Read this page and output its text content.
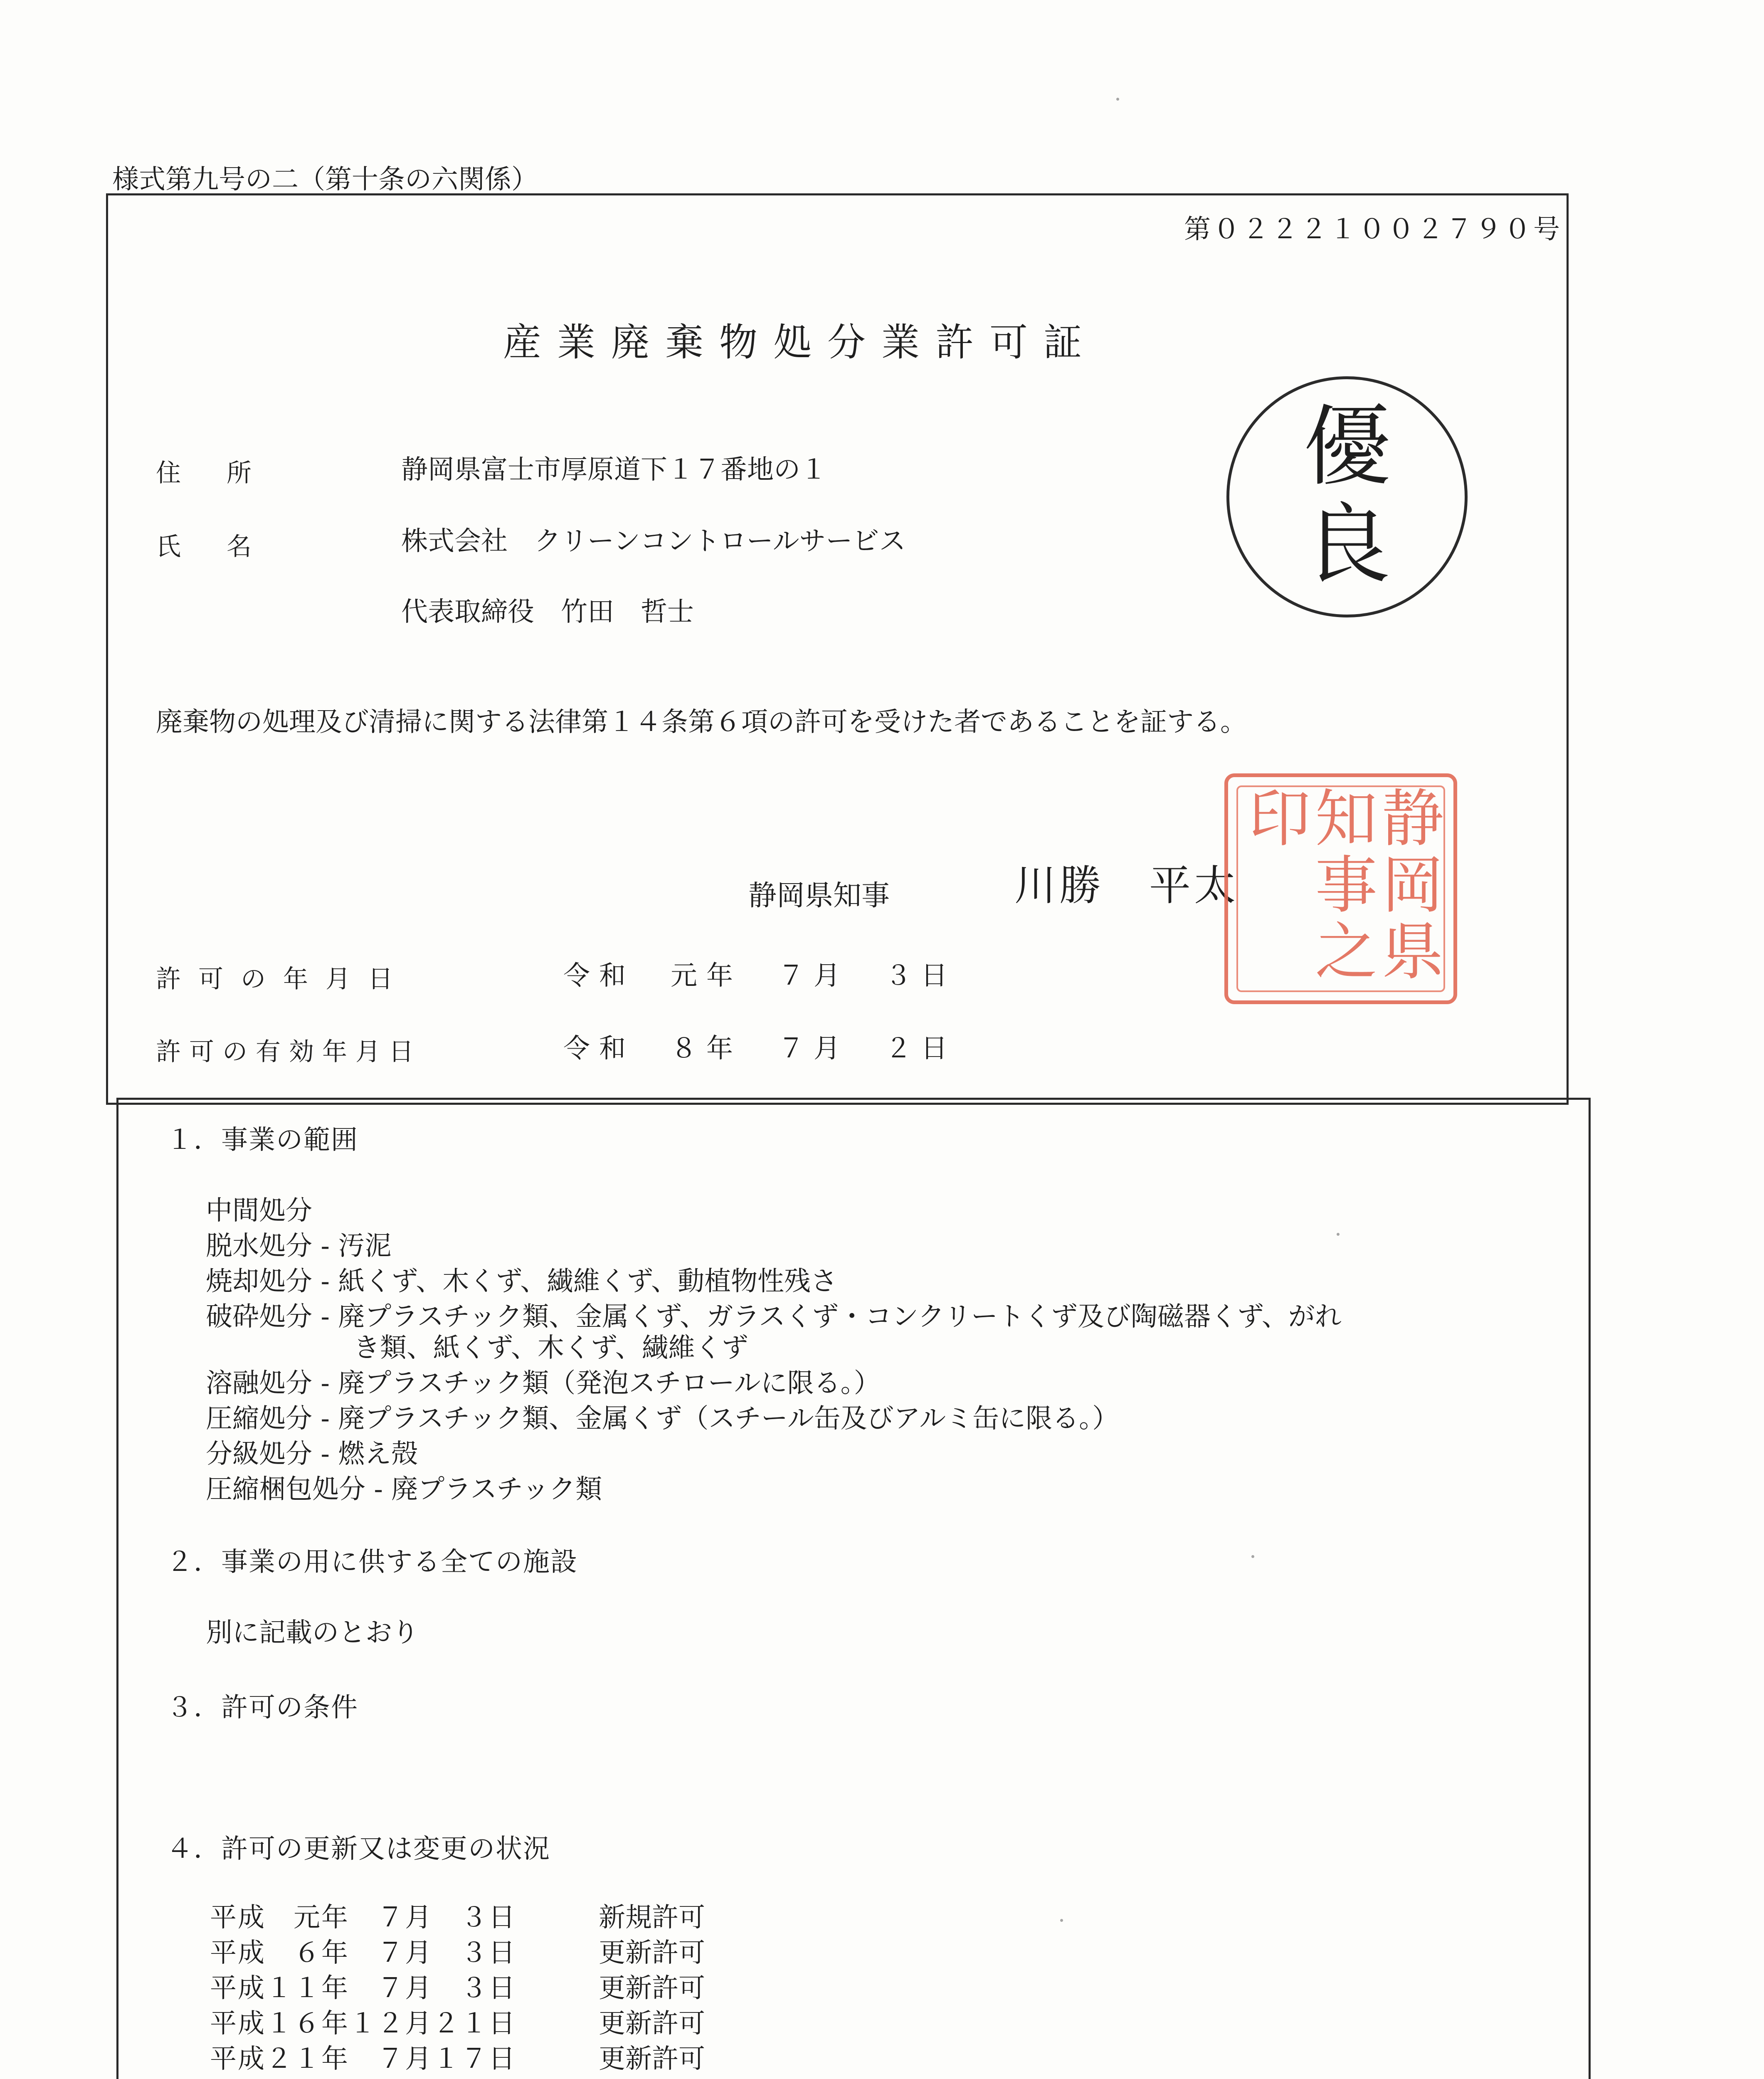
様式第九号の二（第十条の六関係）
第０２２２１００２７９０号
産業廃棄物処分業許可証
住所	静岡県富士市厚原道下１７番地の１
氏名	株式会社　クリーンコントロールサービス
代表取締役　竹田　哲士
優良
廃棄物の処理及び清掃に関する法律第１４条第６項の許可を受けた者であることを証する。
静岡県知事	川勝　平太	静岡県知事之印
許可の年月日	令和　元年　７月　３日
許可の有効年月日	令和　８年　７月　２日
１．事業の範囲
中間処分
脱水処分 - 汚泥
焼却処分 - 紙くず、木くず、繊維くず、動植物性残さ
破砕処分 - 廃プラスチック類、金属くず、ガラスくず・コンクリートくず及び陶磁器くず、がれ
き類、紙くず、木くず、繊維くず
溶融処分 - 廃プラスチック類（発泡スチロールに限る。）
圧縮処分 - 廃プラスチック類、金属くず（スチール缶及びアルミ缶に限る。）
分級処分 - 燃え殻
圧縮梱包処分 - 廃プラスチック類
２．事業の用に供する全ての施設
別に記載のとおり
３．許可の条件
４．許可の更新又は変更の状況
平成　元年　７月　３日	新規許可
平成　６年　７月　３日	更新許可
平成１１年　７月　３日	更新許可
平成１６年１２月２１日	更新許可
平成２１年　７月１７日	更新許可
